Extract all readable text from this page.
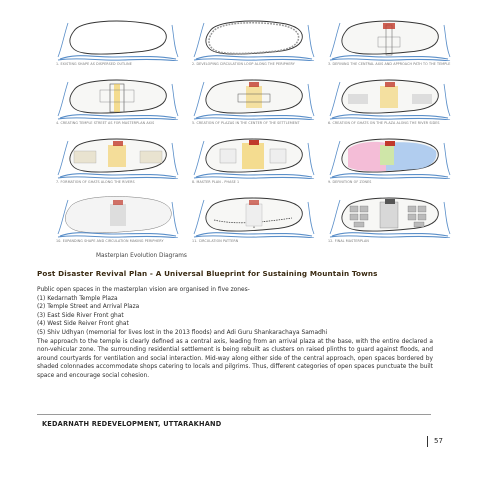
1. EXISTING SHAPE AS DISPERSED OUTLINE	2. DEVELOPING CIRCULATION LOOP ALONG THE PERIPHERY	3. DEFINING THE CENTRAL AXIS AND APPROACH PATH TO THE TEMPLE
4. CREATING TEMPLE STREET AS FOR MASTERPLAN AXIS	5. CREATION OF PLAZAS IN THE CENTER OF THE SETTLEMENT	6. CREATION OF GHATS ON THE PLAZA ALONG THE RIVER SIDES
7. FORMATION OF GHATS ALONG THE RIVERS	8. MASTER PLAN - PHASE 1	9. DEFINITION OF ZONES
10. EXPANDING SHAPE AND CIRCULATION MAKING PERIPHERY	11. CIRCULATION PATTERN	12. FINAL MASTERPLAN
Masterplan Evolution Diagrams
Post Disaster Revival Plan - A Universal Blueprint for Sustaining Mountain Towns
Public open spaces in the masterplan vision are organised in five zones-
(1) Kedarnath Temple Plaza
(2) Temple Street and Arrival Plaza
(3) East Side River Front ghat
(4) West Side Reiver Front ghat
(5) Shiv Udhyan (memorial for lives lost in the 2013 floods) and Adi Guru Shankarachaya Samadhi
The approach to the temple is clearly defined as a central axis, leading from an arrival plaza at the base, with the entire declared a non-vehicular zone. The surrounding residential settlement is being rebuilt as clusters on raised plinths to guard against floods, and around courtyards for ventilation and social interaction. Mid-way along either side of the central approach, open spaces bordered by shaded colonnades accommodate shops catering to locals and pilgrims. Thus, different categories of open spaces punctuate the built space and encourage social cohesion.
KEDARNATH REDEVELOPMENT, UTTARAKHAND
57
